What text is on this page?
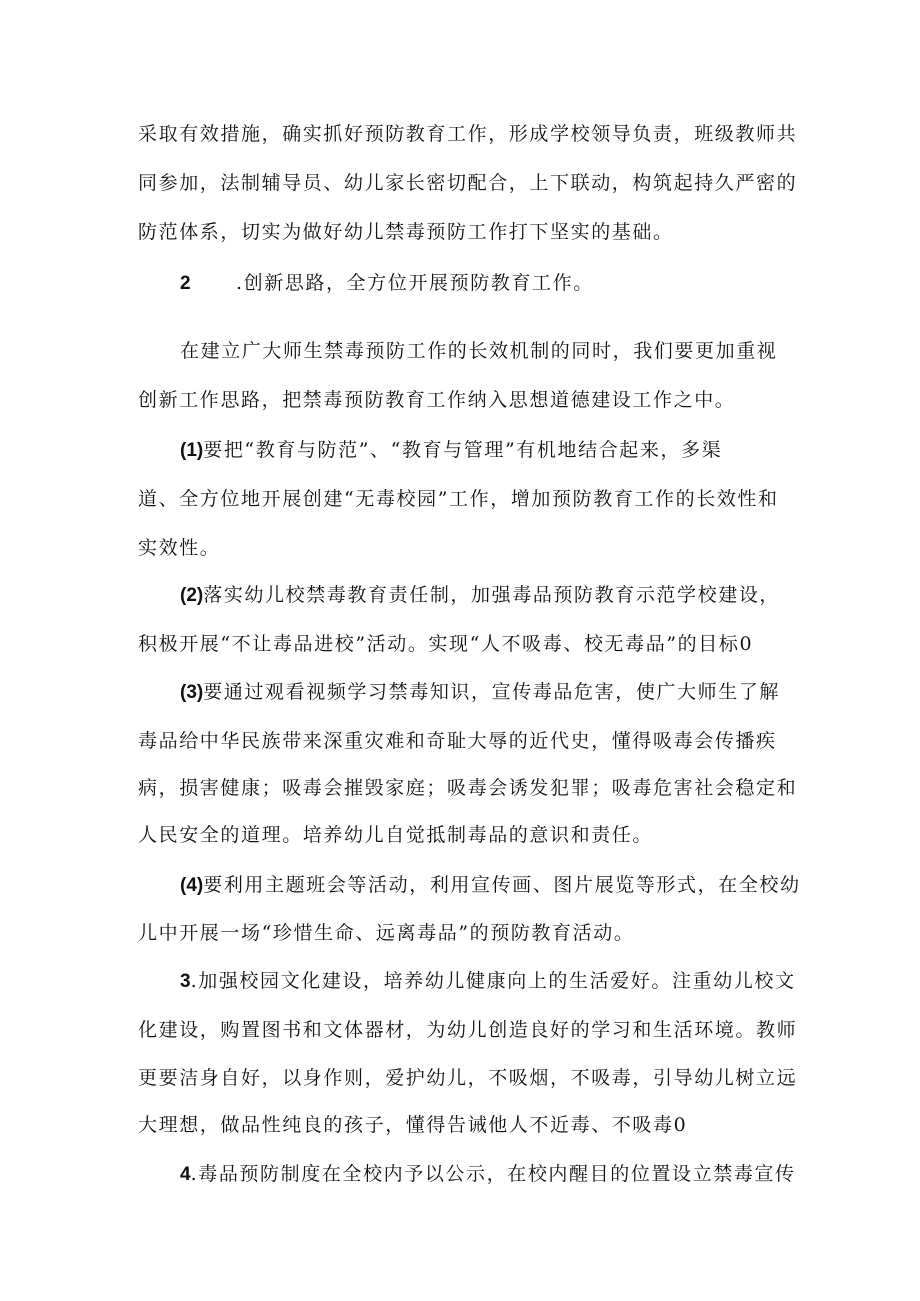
采取有效措施，确实抓好预防教育工作，形成学校领导负责，班级教师共
同参加，法制辅导员、幼儿家长密切配合，上下联动，构筑起持久严密的
防范体系，切实为做好幼儿禁毒预防工作打下坚实的基础。
2 .创新思路，全方位开展预防教育工作。
在建立广大师生禁毒预防工作的长效机制的同时，我们要更加重视
创新工作思路，把禁毒预防教育工作纳入思想道德建设工作之中。
(1)要把“教育与防范”、“教育与管理”有机地结合起来，多渠
道、全方位地开展创建“无毒校园”工作，增加预防教育工作的长效性和
实效性。
(2)落实幼儿校禁毒教育责任制，加强毒品预防教育示范学校建设，
积极开展“不让毒品进校”活动。实现“人不吸毒、校无毒品”的目标0
(3)要通过观看视频学习禁毒知识，宣传毒品危害，使广大师生了解
毒品给中华民族带来深重灾难和奇耻大辱的近代史，懂得吸毒会传播疾
病，损害健康；吸毒会摧毁家庭；吸毒会诱发犯罪；吸毒危害社会稳定和
人民安全的道理。培养幼儿自觉抵制毒品的意识和责任。
(4)要利用主题班会等活动，利用宣传画、图片展览等形式，在全校幼
儿中开展一场“珍惜生命、远离毒品”的预防教育活动。
3.加强校园文化建设，培养幼儿健康向上的生活爱好。注重幼儿校文
化建设，购置图书和文体器材，为幼儿创造良好的学习和生活环境。教师
更要洁身自好，以身作则，爱护幼儿，不吸烟，不吸毒，引导幼儿树立远
大理想，做品性纯良的孩子，懂得告诫他人不近毒、不吸毒0
4.毒品预防制度在全校内予以公示，在校内醒目的位置设立禁毒宣传
